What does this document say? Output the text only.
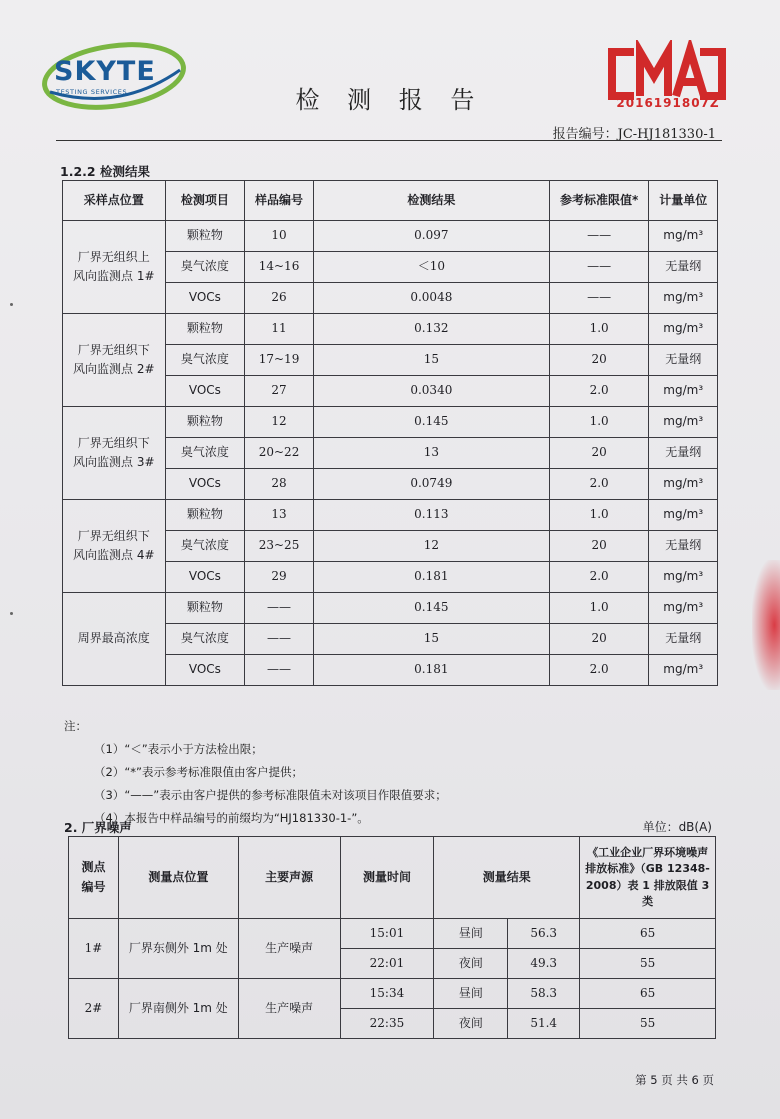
SKYTE
TESTING SERVICES	检 测 报 告	2016191807Z
报告编号：JC-HJ181330-1
1.2.2 检测结果
采样点位置	检测项目	样品编号	检测结果	参考标准限值*	计量单位
厂界无组织上风向监测点 1#	颗粒物	10	0.097	——	mg/m³
	臭气浓度	14~16	＜10	——	无量纲
	VOCs	26	0.0048	——	mg/m³
厂界无组织下风向监测点 2#	颗粒物	11	0.132	1.0	mg/m³
	臭气浓度	17~19	15	20	无量纲
	VOCs	27	0.0340	2.0	mg/m³
厂界无组织下风向监测点 3#	颗粒物	12	0.145	1.0	mg/m³
	臭气浓度	20~22	13	20	无量纲
	VOCs	28	0.0749	2.0	mg/m³
厂界无组织下风向监测点 4#	颗粒物	13	0.113	1.0	mg/m³
	臭气浓度	23~25	12	20	无量纲
	VOCs	29	0.181	2.0	mg/m³
周界最高浓度	颗粒物	——	0.145	1.0	mg/m³
	臭气浓度	——	15	20	无量纲
	VOCs	——	0.181	2.0	mg/m³
注：
（1）“＜”表示小于方法检出限；
（2）“*”表示参考标准限值由客户提供；
（3）“——”表示由客户提供的参考标准限值未对该项目作限值要求；
（4）本报告中样品编号的前缀均为“HJ181330-1-”。
2. 厂界噪声	单位：dB(A)
测点编号	测量点位置	主要声源	测量时间	测量结果		《工业企业厂界环境噪声排放标准》（GB 12348-2008）表 1 排放限值 3 类
1#	厂界东侧外 1m 处	生产噪声	15:01	昼间	56.3	65
			22:01	夜间	49.3	55
2#	厂界南侧外 1m 处	生产噪声	15:34	昼间	58.3	65
			22:35	夜间	51.4	55
第 5 页 共 6 页
